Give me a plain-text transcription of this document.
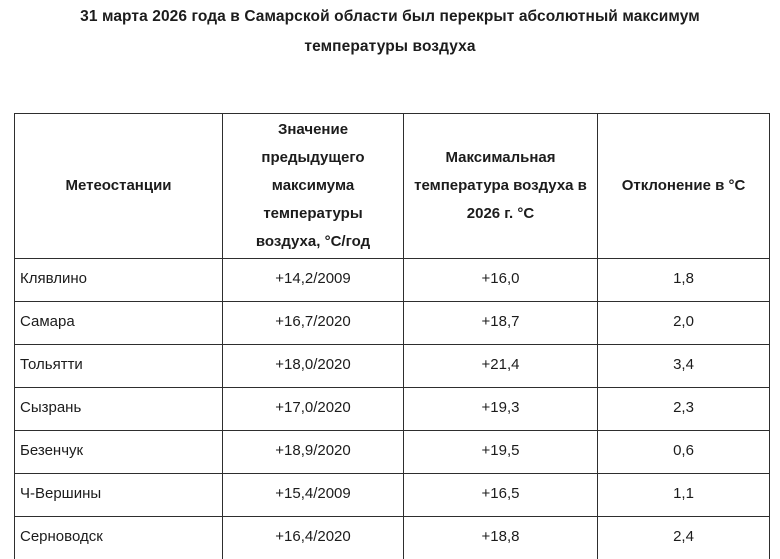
31 марта 2026 года в Самарской области был перекрыт абсолютный максимум
температуры воздуха
Метеостанции	Значение предыдущего максимума температуры воздуха, °С/год	Максимальная температура воздуха в 2026 г. °С	Отклонение в °С
Клявлино	+14,2/2009	+16,0	1,8
Самара	+16,7/2020	+18,7	2,0
Тольятти	+18,0/2020	+21,4	3,4
Сызрань	+17,0/2020	+19,3	2,3
Безенчук	+18,9/2020	+19,5	0,6
Ч-Вершины	+15,4/2009	+16,5	1,1
Серноводск	+16,4/2020	+18,8	2,4
